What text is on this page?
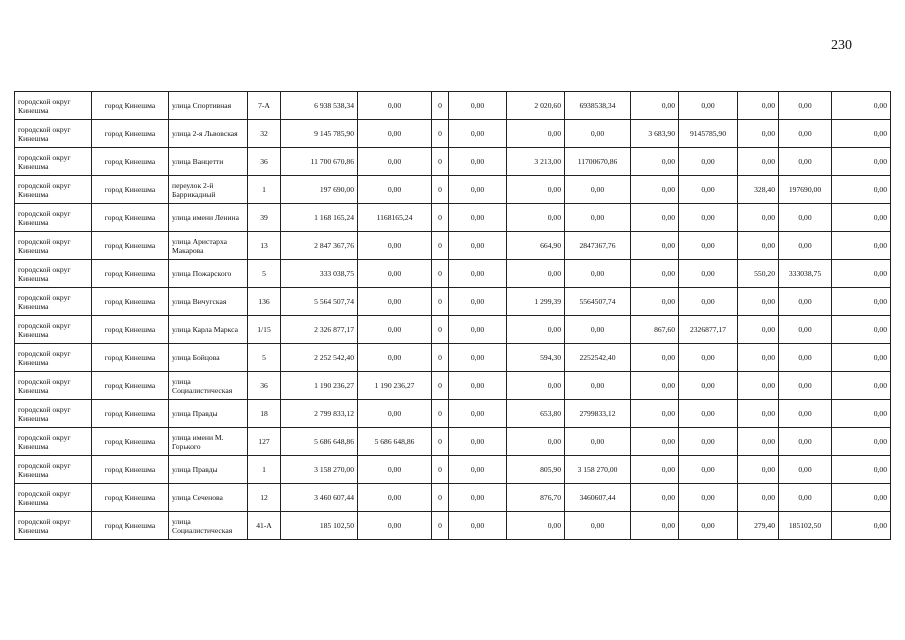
230
городской округ Кинешма	город Кинешма	улица Спортивная	7-А	6 938 538,34	0,00	0	0,00	2 020,60	6938538,34	0,00	0,00	0,00	0,00	0,00
городской округ Кинешма	город Кинешма	улица 2-я Львовская	32	9 145 785,90	0,00	0	0,00	0,00	0,00	3 683,90	9145785,90	0,00	0,00	0,00
городской округ Кинешма	город Кинешма	улица Ванцетти	36	11 700 670,86	0,00	0	0,00	3 213,00	11700670,86	0,00	0,00	0,00	0,00	0,00
городской округ Кинешма	город Кинешма	переулок 2-й Баррикадный	1	197 690,00	0,00	0	0,00	0,00	0,00	0,00	0,00	328,40	197690,00	0,00
городской округ Кинешма	город Кинешма	улица имени Ленина	39	1 168 165,24	1168165,24	0	0,00	0,00	0,00	0,00	0,00	0,00	0,00	0,00
городской округ Кинешма	город Кинешма	улица Аристарха Макарова	13	2 847 367,76	0,00	0	0,00	664,90	2847367,76	0,00	0,00	0,00	0,00	0,00
городской округ Кинешма	город Кинешма	улица Пожарского	5	333 038,75	0,00	0	0,00	0,00	0,00	0,00	0,00	550,20	333038,75	0,00
городской округ Кинешма	город Кинешма	улица Вичугская	136	5 564 507,74	0,00	0	0,00	1 299,39	5564507,74	0,00	0,00	0,00	0,00	0,00
городской округ Кинешма	город Кинешма	улица Карла Маркса	1/15	2 326 877,17	0,00	0	0,00	0,00	0,00	867,60	2326877,17	0,00	0,00	0,00
городской округ Кинешма	город Кинешма	улица Бойцова	5	2 252 542,40	0,00	0	0,00	594,30	2252542,40	0,00	0,00	0,00	0,00	0,00
городской округ Кинешма	город Кинешма	улица Социалистическая	36	1 190 236,27	1 190 236,27	0	0,00	0,00	0,00	0,00	0,00	0,00	0,00	0,00
городской округ Кинешма	город Кинешма	улица Правды	18	2 799 833,12	0,00	0	0,00	653,80	2799833,12	0,00	0,00	0,00	0,00	0,00
городской округ Кинешма	город Кинешма	улица имени М. Горького	127	5 686 648,86	5 686 648,86	0	0,00	0,00	0,00	0,00	0,00	0,00	0,00	0,00
городской округ Кинешма	город Кинешма	улица Правды	1	3 158 270,00	0,00	0	0,00	805,90	3 158 270,00	0,00	0,00	0,00	0,00	0,00
городской округ Кинешма	город Кинешма	улица Сеченова	12	3 460 607,44	0,00	0	0,00	876,70	3460607,44	0,00	0,00	0,00	0,00	0,00
городской округ Кинешма	город Кинешма	улица Социалистическая	41-А	185 102,50	0,00	0	0,00	0,00	0,00	0,00	0,00	279,40	185102,50	0,00
